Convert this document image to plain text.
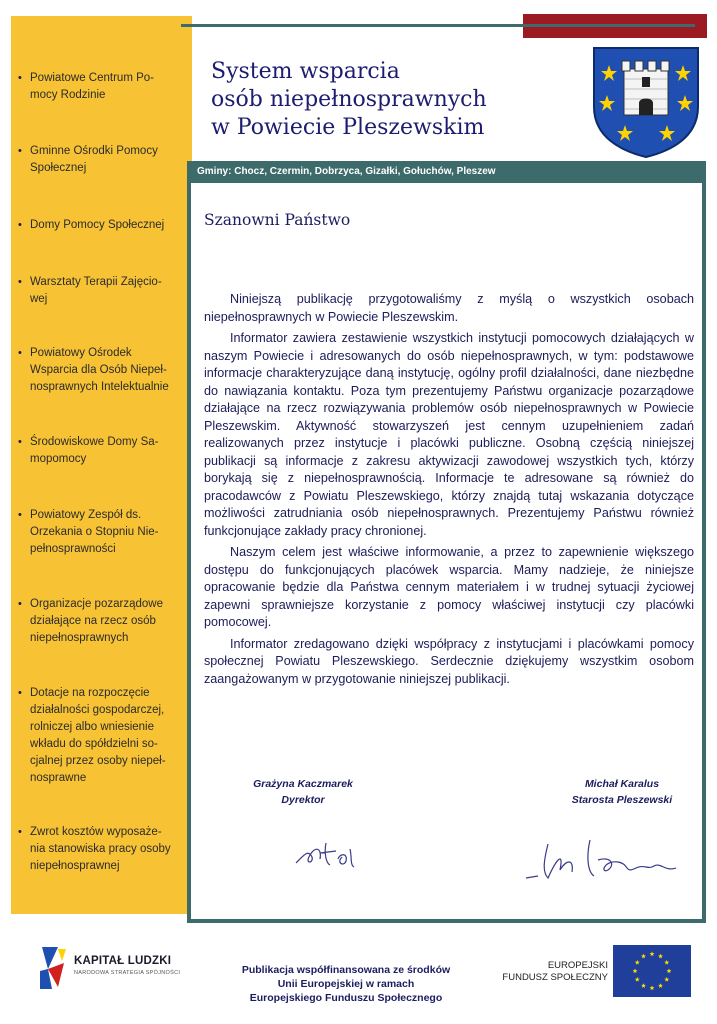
• Powiatowe Centrum Po-
mocy Rodzinie
• Gminne Ośrodki Pomocy
Społecznej
• Domy Pomocy Społecznej
• Warsztaty Terapii Zajęcio-
wej
• Powiatowy Ośrodek
Wsparcia dla Osób Niepeł-
nosprawnych Intelektualnie
• Środowiskowe Domy Sa-
mopomocy
• Powiatowy Zespół ds.
Orzekania o Stopniu Nie-
pełnosprawności
• Organizacje pozarządowe
działające na rzecz osób
niepełnosprawnych
• Dotacje na rozpoczęcie
działalności gospodarczej,
rolniczej albo wniesienie
wkładu do spółdzielni so-
cjalnej przez osoby niepeł-
nosprawne
• Zwrot kosztów wyposaże-
nia stanowiska pracy osoby
niepełnosprawnej
System wsparcia
osób niepełnosprawnych
w Powiecie Pleszewskim
Gminy: Chocz, Czermin, Dobrzyca, Gizałki, Gołuchów, Pleszew
Szanowni Państwo

Niniejszą publikację przygotowaliśmy z myślą o wszystkich osobach niepełnosprawnych w Powiecie Pleszewskim.

Informator zawiera zestawienie wszystkich instytucji pomocowych działających w naszym Powiecie i adresowanych do osób niepełnosprawnych, w tym: podstawowe informacje charakteryzujące daną instytucję, ogólny profil działalności, dane niezbędne do nawiązania kontaktu. Poza tym prezentujemy Państwu organizacje pozarządowe działające na rzecz rozwiązywania problemów osób niepełnosprawnych w Powiecie Pleszewskim. Aktywność stowarzyszeń jest cennym uzupełnieniem zadań realizowanych przez instytucje i placówki publiczne. Osobną częścią niniejszej publikacji są informacje z zakresu aktywizacji zawodowej wszystkich tych, którzy borykają się z niepełnosprawnością. Informacje te adresowane są również do pracodawców z Powiatu Pleszewskiego, którzy znajdą tutaj wskazania dotyczące możliwości zatrudniania osób niepełnosprawnych. Prezentujemy Państwu również funkcjonujące zakłady pracy chronionej.

Naszym celem jest właściwe informowanie, a przez to zapewnienie większego dostępu do funkcjonujących placówek wsparcia. Mamy nadzieje, że niniejsze opracowanie będzie dla Państwa cennym materiałem i w trudnej sytuacji życiowej zapewni sprawniejsze korzystanie z pomocy właściwej instytucji czy placówki pomocowej.

Informator zredagowano dzięki współpracy z instytucjami i placówkami pomocy społecznej Powiatu Pleszewskiego. Serdecznie dziękujemy wszystkim osobom zaangażowanym w przygotowanie niniejszej publikacji.

Grażyna Kaczmarek
Dyrektor
Michał Karalus
Starosta Pleszewski
KAPITAŁ LUDZKI
NARODOWA STRATEGIA SPÓJNOŚCI	Publikacja współfinansowana ze środków
Unii Europejskiej w ramach
Europejskiego Funduszu Społecznego
EUROPEJSKI
FUNDUSZ SPOŁECZNY
